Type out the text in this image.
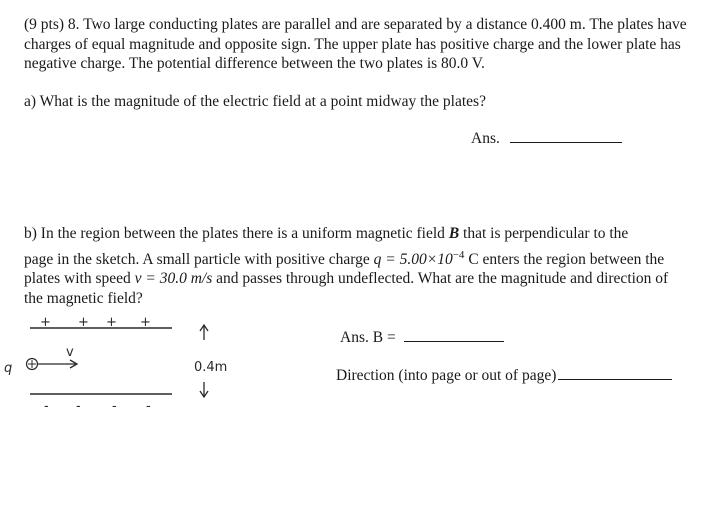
(9 pts) 8. Two large conducting plates are parallel and are separated by a distance 0.400 m. The plates have charges of equal magnitude and opposite sign. The upper plate has positive charge and the lower plate has negative charge. The potential difference between the two plates is 80.0 V.

a) What is the magnitude of the electric field at a point midway the plates?

Ans.

b) In the region between the plates there is a uniform magnetic field B that is perpendicular to the
page in the sketch. A small particle with positive charge $q = 5.00\times 10^{-4}$ C enters the region between the plates with speed v = 30.0 m/s and passes through undeflected. What are the magnitude and direction of the magnetic field?

Ans. B =
Direction (into page or out of page)
+ + + +
- - - -
q
v
0.4m
